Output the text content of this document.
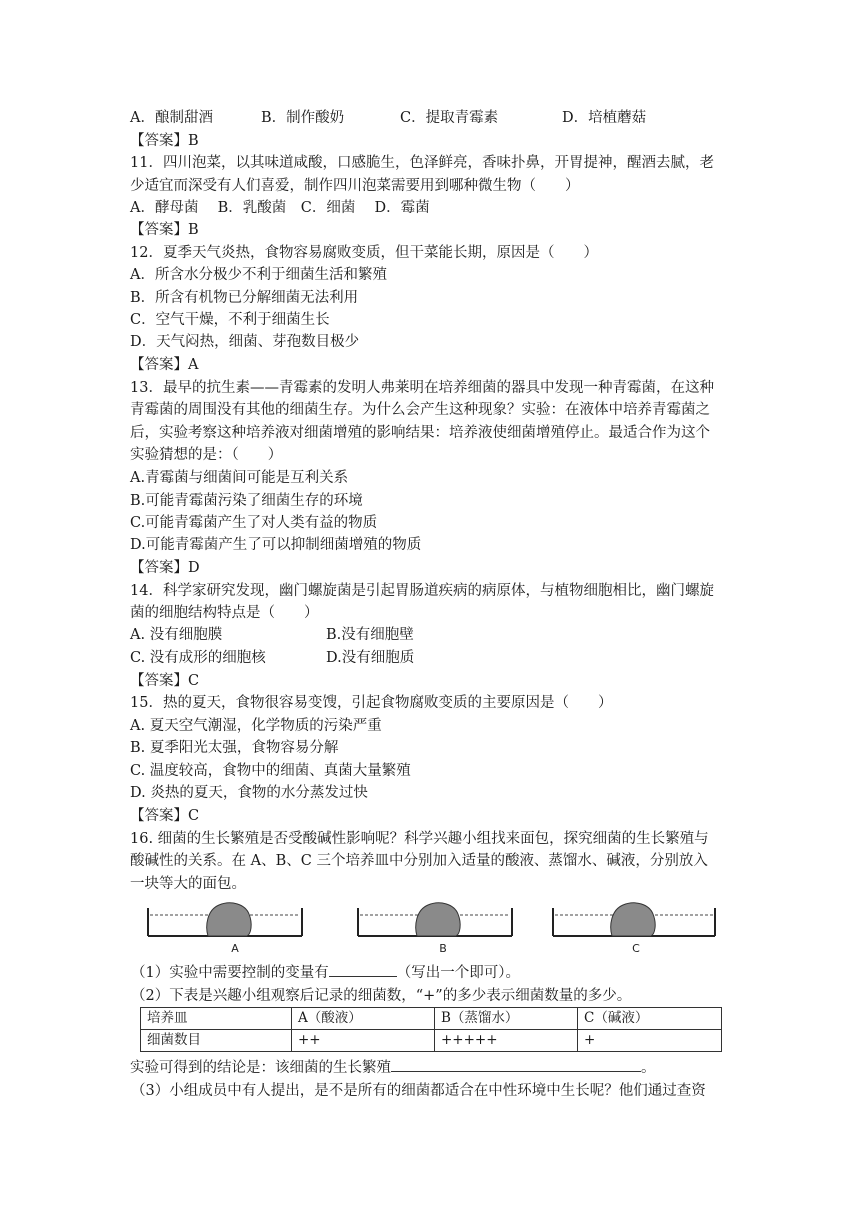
A．酿制甜酒	B．制作酸奶	C．提取青霉素	D．培植蘑菇
【答案】B
11．四川泡菜，以其味道咸酸，口感脆生，色泽鲜亮，香味扑鼻，开胃提神，醒酒去腻，老
少适宜而深受有人们喜爱，制作四川泡菜需要用到哪种微生物（　　）
A．酵母菌　 B．乳酸菌　C．细菌　 D．霉菌
【答案】B
12．夏季天气炎热，食物容易腐败变质，但干菜能长期，原因是（　　）
A．所含水分极少不利于细菌生活和繁殖
B．所含有机物已分解细菌无法利用
C．空气干燥，不利于细菌生长
D．天气闷热，细菌、芽孢数目极少
【答案】A
13．最早的抗生素——青霉素的发明人弗莱明在培养细菌的器具中发现一种青霉菌，在这种
青霉菌的周围没有其他的细菌生存。为什么会产生这种现象？实验：在液体中培养青霉菌之
后，实验考察这种培养液对细菌增殖的影响结果：培养液使细菌增殖停止。最适合作为这个
实验猜想的是：（　　）
A.青霉菌与细菌间可能是互利关系
B.可能青霉菌污染了细菌生存的环境
C.可能青霉菌产生了对人类有益的物质
D.可能青霉菌产生了可以抑制细菌增殖的物质
【答案】D
14．科学家研究发现，幽门螺旋菌是引起胃肠道疾病的病原体，与植物细胞相比，幽门螺旋
菌的细胞结构特点是（　　）
A. 没有细胞膜	B.没有细胞壁
C. 没有成形的细胞核	D.没有细胞质
【答案】C
15．热的夏天，食物很容易变馊，引起食物腐败变质的主要原因是（　　）
A. 夏天空气潮湿，化学物质的污染严重
B. 夏季阳光太强，食物容易分解
C. 温度较高，食物中的细菌、真菌大量繁殖
D. 炎热的夏天，食物的水分蒸发过快
【答案】C
16. 细菌的生长繁殖是否受酸碱性影响呢？科学兴趣小组找来面包，探究细菌的生长繁殖与
酸碱性的关系。在 A、B、C 三个培养皿中分别加入适量的酸液、蒸馏水、碱液，分别放入
一块等大的面包。
A	B	C
（1）实验中需要控制的变量有	（写出一个即可）。
（2）下表是兴趣小组观察后记录的细菌数，“+”的多少表示细菌数量的多少。
培养皿	A（酸液）	B（蒸馏水）	C（碱液）
细菌数目	++	+++++	+
实验可得到的结论是：该细菌的生长繁殖	。
（3）小组成员中有人提出，是不是所有的细菌都适合在中性环境中生长呢？他们通过查资
